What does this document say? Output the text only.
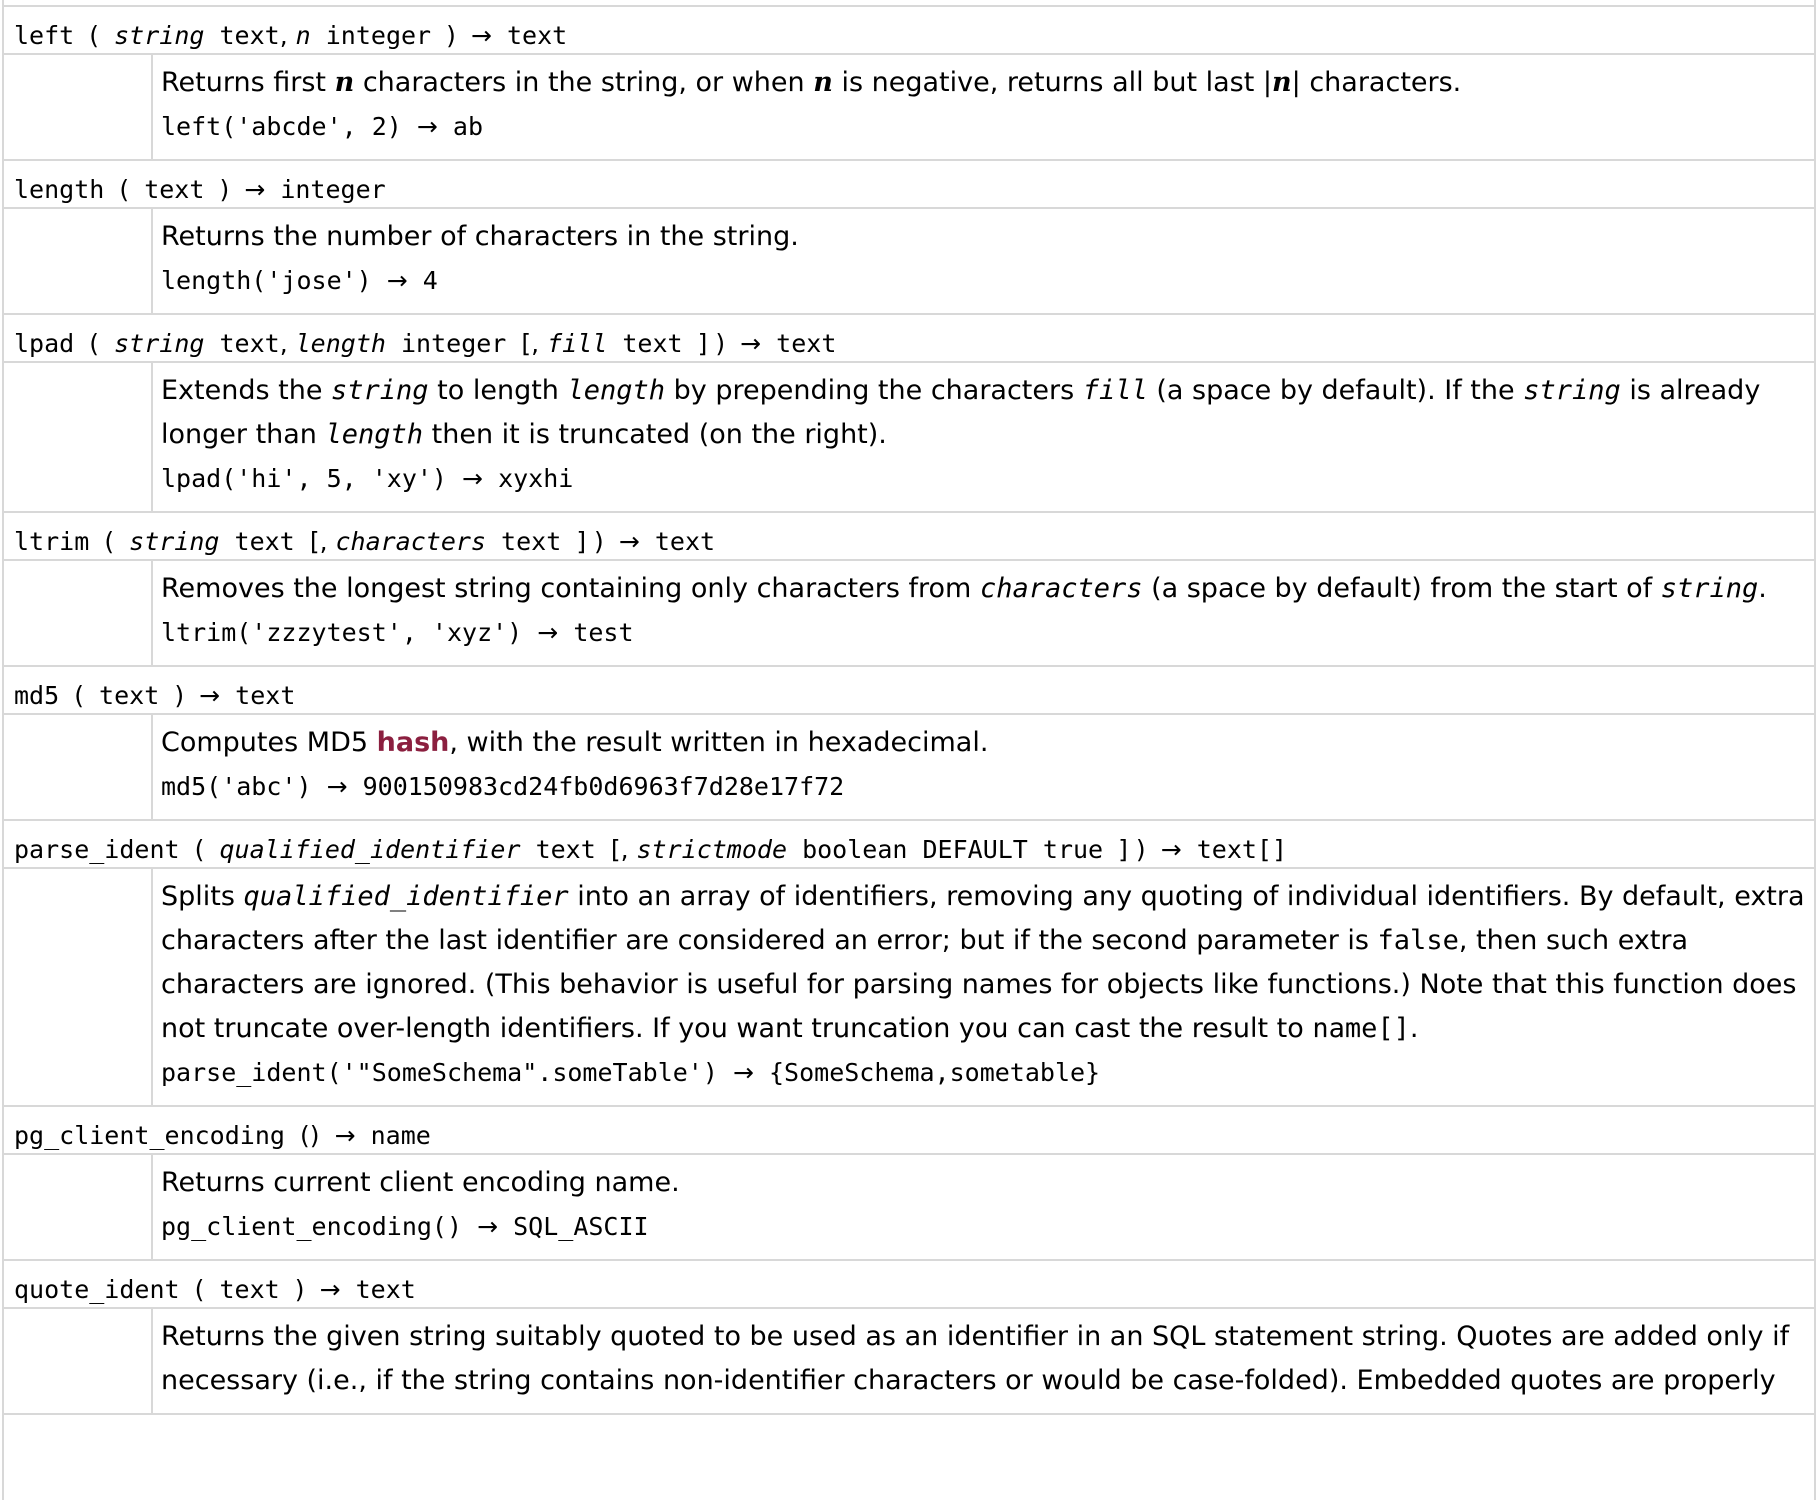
left ( string text, n integer ) → text

Returns first n characters in the string, or when n is negative, returns all but last |n| characters.

left('abcde', 2) → ab

length ( text ) → integer

Returns the number of characters in the string.

length('jose') → 4

lpad ( string text, length integer [, fill text ] ) → text

Extends the string to length length by prepending the characters fill (a space by default). If the string is already longer than length then it is truncated (on the right).

lpad('hi', 5, 'xy') → xyxhi

ltrim ( string text [, characters text ] ) → text

Removes the longest string containing only characters from characters (a space by default) from the start of string.

ltrim('zzzytest', 'xyz') → test

md5 ( text ) → text

Computes MD5 hash, with the result written in hexadecimal.

md5('abc') → 900150983cd24fb0d6963f7d28e17f72

parse_ident ( qualified_identifier text [, strictmode boolean DEFAULT true ] ) → text[]

Splits qualified_identifier into an array of identifiers, removing any quoting of individual identifiers. By default, extra characters after the last identifier are considered an error; but if the second parameter is false, then such extra characters are ignored. (This behavior is useful for parsing names for objects like functions.) Note that this function does not truncate over-length identifiers. If you want truncation you can cast the result to name[].

parse_ident('"SomeSchema".someTable') → {SomeSchema,sometable}

pg_client_encoding () → name

Returns current client encoding name.

pg_client_encoding() → SQL_ASCII

quote_ident ( text ) → text

Returns the given string suitably quoted to be used as an identifier in an SQL statement string. Quotes are added only if necessary (i.e., if the string contains non-identifier characters or would be case-folded). Embedded quotes are properly
